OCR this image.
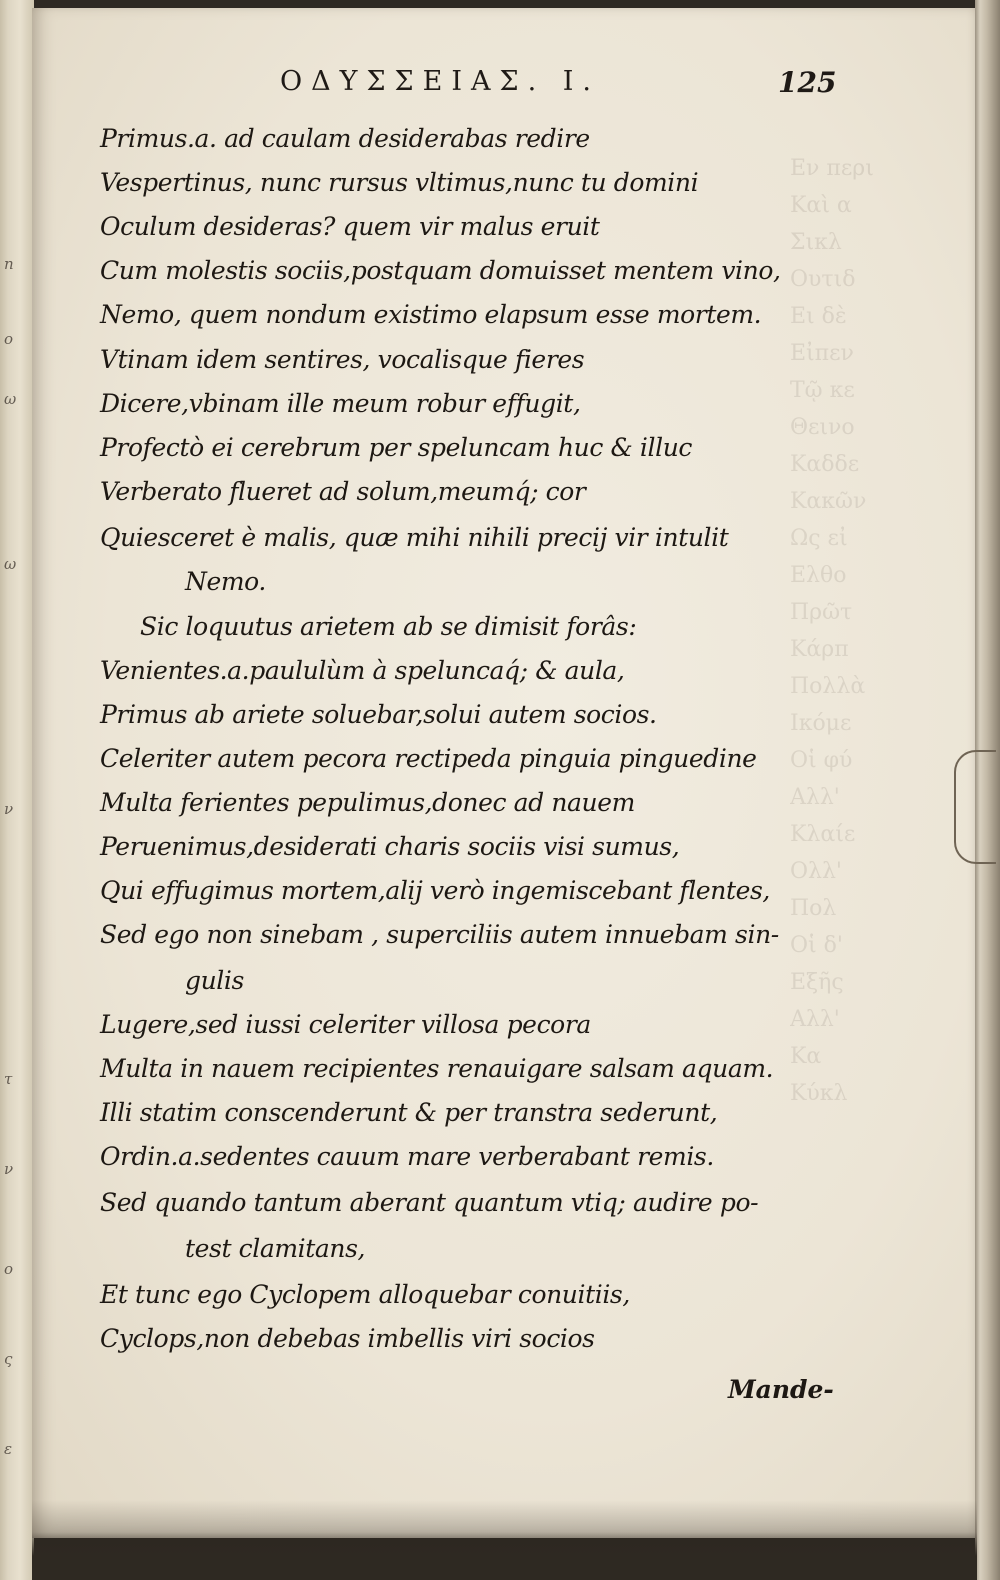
n
o
ω
ω
ν
τ
ν
ο
ς
ε
Εν περι
Καὶ α
Σικλ
Ουτιδ
Ει δὲ
Εἰπεν
Τῷ κε
Θεινο
Καδδε
Κακῶν
Ως εἰ
Ελθο
Πρῶτ
Κάρπ
Πολλὰ
Ικόμε
Οἱ φύ
Αλλ'
Κλαίε
Ολλ'
Πολ
Οἱ δ'
Εξῆς
Αλλ'
Κα
Κύκλ
ΟΔΥΣΣΕΙΑΣ. Ι.	125
Primus.a. ad caulam desiderabas redire
Vespertinus, nunc rursus vltimus,nunc tu domini
Oculum desideras? quem vir malus eruit
Cum molestis sociis,postquam domuisset mentem vino,
Nemo, quem nondum existimo elapsum esse mortem.
Vtinam idem sentires, vocalisque fieres
Dicere,vbinam ille meum robur effugit,
Profectò ei cerebrum per speluncam huc & illuc
Verberato flueret ad solum,meumq́; cor
Quiesceret è malis, quæ mihi nihili precij vir intulit
Nemo.
Sic loquutus arietem ab se dimisit forâs:
Venientes.a.paululùm à speluncaq́; & aula,
Primus ab ariete soluebar,solui autem socios.
Celeriter autem pecora rectipeda pinguia pinguedine
Multa ferientes pepulimus,donec ad nauem
Peruenimus,desiderati charis sociis visi sumus,
Qui effugimus mortem,alij verò ingemiscebant flentes,
Sed ego non sinebam , superciliis autem innuebam sin-
gulis
Lugere,sed iussi celeriter villosa pecora
Multa in nauem recipientes renauigare salsam aquam.
Illi statim conscenderunt & per transtra sederunt,
Ordin.a.sedentes cauum mare verberabant remis.
Sed quando tantum aberant quantum vtiq; audire po-
test clamitans,
Et tunc ego Cyclopem alloquebar conuitiis,
Cyclops,non debebas imbellis viri socios
Mande-
